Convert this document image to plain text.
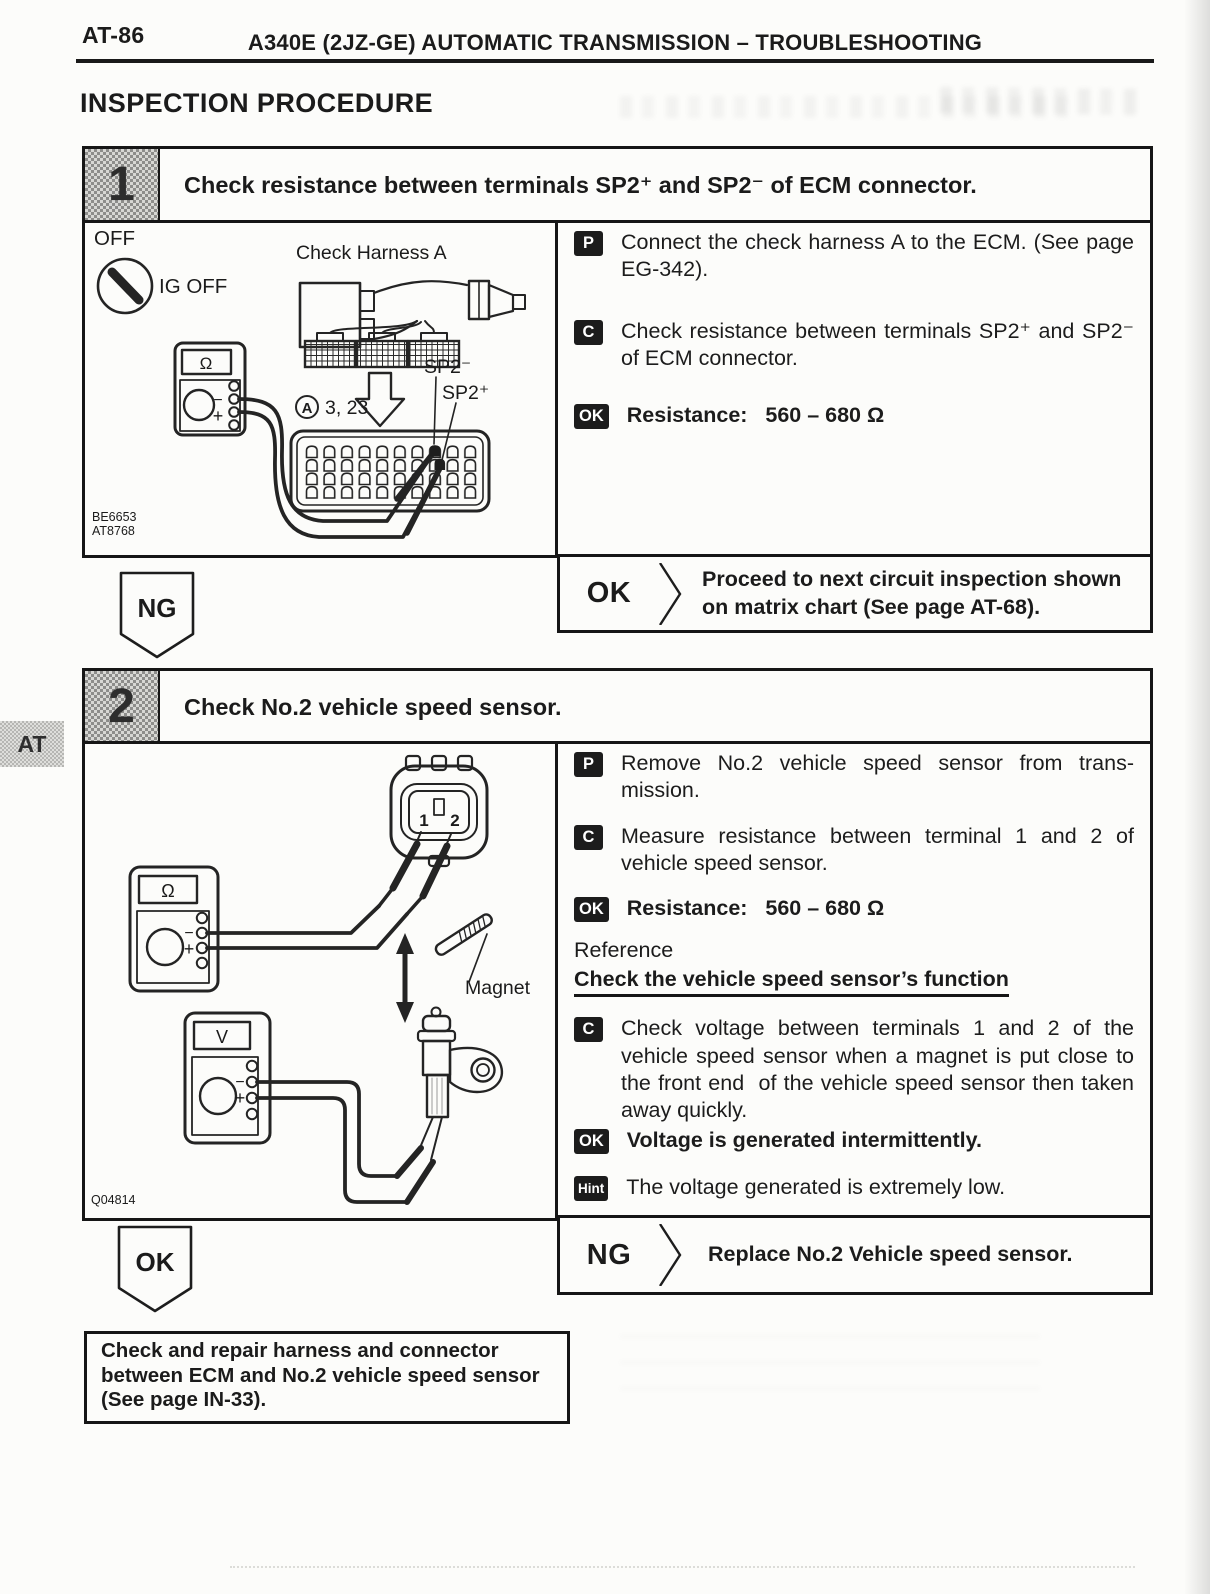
AT-86	A340E (2JZ-GE) AUTOMATIC TRANSMISSION – TROUBLESHOOTING
INSPECTION PROCEDURE
1	Check resistance between terminals SP2⁺ and SP2⁻ of ECM connector.
OFF
IG OFF
Check Harness A
A 3, 23
Ω
−
+
SP2⁻
SP2⁺
BE6653
AT8768
P	Connect the check harness A to the ECM. (See page EG-342).

C	Check resistance between terminals SP2⁺ and SP2⁻ of ECM connector.

OK Resistance:   560 – 680 Ω

NG	OK	Proceed to next circuit inspection shown on matrix chart (See page AT-68).
2	Check No.2 vehicle speed sensor.
1 2
Ω
−
+
Magnet
V
−
+
Q04814
P	Remove No.2 vehicle speed sensor from trans-mission.

C	Measure resistance between terminal 1 and 2 of vehicle speed sensor.

OK Resistance:   560 – 680 Ω

Reference
Check the vehicle speed sensor’s function
C	Check voltage between terminals 1 and 2 of the vehicle speed sensor when a magnet is put close to the front end  of the vehicle speed sensor then taken away quickly.

OK Voltage is generated intermittently.

Hint The voltage generated is extremely low.

OK	NG	Replace No.2 Vehicle speed sensor.
Check and repair harness and connector
between ECM and No.2 vehicle speed sensor
(See page IN-33).
AT
